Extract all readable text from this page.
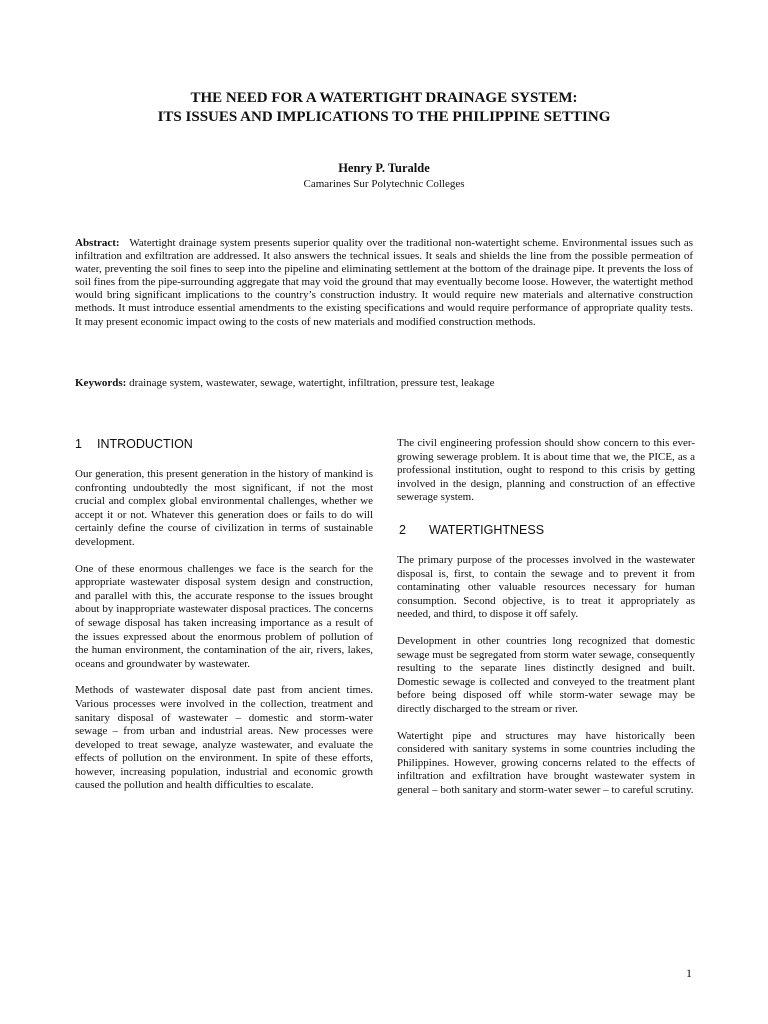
THE NEED FOR A WATERTIGHT DRAINAGE SYSTEM:
ITS ISSUES AND IMPLICATIONS TO THE PHILIPPINE SETTING
Henry P. Turalde
Camarines Sur Polytechnic Colleges

Abstract: Watertight drainage system presents superior quality over the traditional non-watertight scheme. Environmental issues such as infiltration and exfiltration are addressed. It also answers the technical issues. It seals and shields the line from the possible permeation of water, preventing the soil fines to seep into the pipeline and eliminating settlement at the bottom of the drainage pipe. It prevents the loss of soil fines from the pipe-surrounding aggregate that may void the ground that may eventually become loose. However, the watertight method would bring significant implications to the country’s construction industry. It would require new materials and alternative construction methods. It must introduce essential amendments to the existing specifications and would require performance of appropriate quality tests. It may present economic impact owing to the costs of new materials and modified construction methods.

Keywords: drainage system, wastewater, sewage, watertight, infiltration, pressure test, leakage

1 INTRODUCTION

Our generation, this present generation in the history of mankind is confronting undoubtedly the most significant, if not the most crucial and complex global environmental challenges, whether we accept it or not. Whatever this generation does or fails to do will certainly define the course of civilization in terms of sustainable development.

One of these enormous challenges we face is the search for the appropriate wastewater disposal system design and construction, and parallel with this, the accurate response to the issues brought about by inappropriate wastewater disposal practices. The concerns of sewage disposal has taken increasing importance as a result of the issues expressed about the enormous problem of pollution of the human environment, the contamination of the air, rivers, lakes, oceans and groundwater by wastewater.

Methods of wastewater disposal date past from ancient times. Various processes were involved in the collection, treatment and sanitary disposal of wastewater – domestic and storm-water sewage – from urban and industrial areas. New processes were developed to treat sewage, analyze wastewater, and evaluate the effects of pollution on the environment. In spite of these efforts, however, increasing population, industrial and economic growth caused the pollution and health difficulties to escalate.

The civil engineering profession should show concern to this ever-growing sewerage problem. It is about time that we, the PICE, as a professional institution, ought to respond to this crisis by getting involved in the design, planning and construction of an effective sewerage system.

2 WATERTIGHTNESS

The primary purpose of the processes involved in the wastewater disposal is, first, to contain the sewage and to prevent it from contaminating other valuable resources necessary for human consumption. Second objective, is to treat it appropriately as needed, and third, to dispose it off safely.

Development in other countries long recognized that domestic sewage must be segregated from storm water sewage, consequently resulting to the separate lines distinctly designed and built. Domestic sewage is collected and conveyed to the treatment plant before being disposed off while storm-water sewage may be directly discharged to the stream or river.

Watertight pipe and structures may have historically been considered with sanitary systems in some countries including the Philippines. However, growing concerns related to the effects of infiltration and exfiltration have brought wastewater system in general – both sanitary and storm-water sewer – to careful scrutiny.

1
